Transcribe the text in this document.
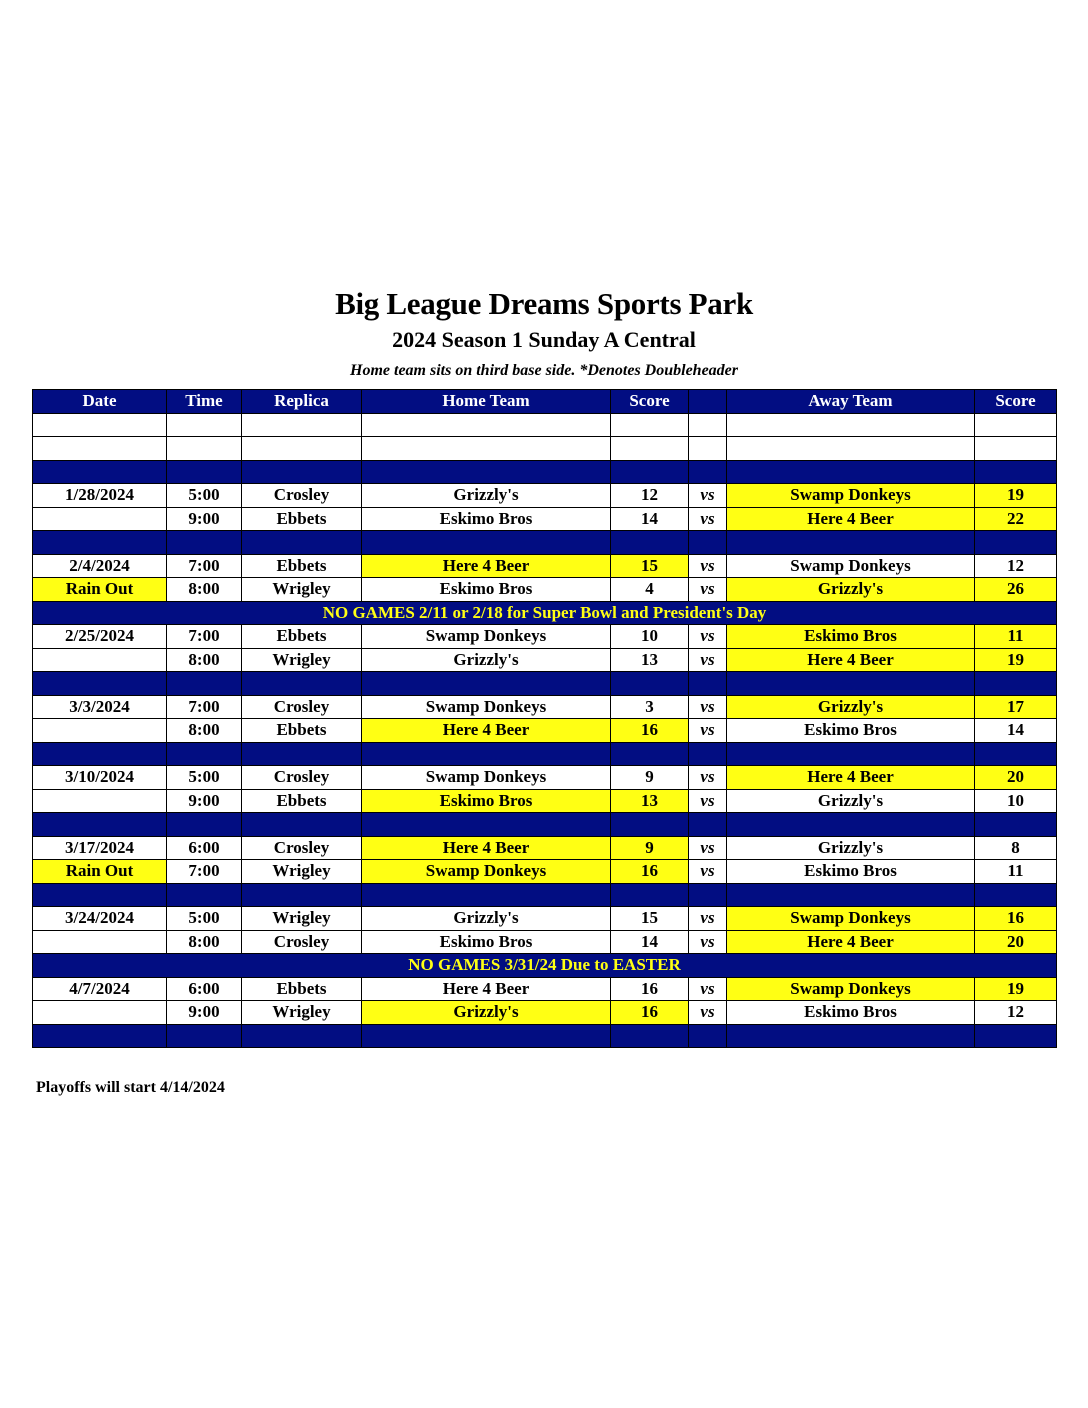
Big League Dreams Sports Park
2024 Season 1 Sunday A Central
Home team sits on third base side. *Denotes Doubleheader
Date	Time	Replica	Home Team	Score		Away Team	Score

1/28/2024	5:00	Crosley	Grizzly's	12	vs	Swamp Donkeys	19
	9:00	Ebbets	Eskimo Bros	14	vs	Here 4 Beer	22

2/4/2024	7:00	Ebbets	Here 4 Beer	15	vs	Swamp Donkeys	12
Rain Out	8:00	Wrigley	Eskimo Bros	4	vs	Grizzly's	26
NO GAMES 2/11 or 2/18 for Super Bowl and President's Day							
2/25/2024	7:00	Ebbets	Swamp Donkeys	10	vs	Eskimo Bros	11
	8:00	Wrigley	Grizzly's	13	vs	Here 4 Beer	19

3/3/2024	7:00	Crosley	Swamp Donkeys	3	vs	Grizzly's	17
	8:00	Ebbets	Here 4 Beer	16	vs	Eskimo Bros	14

3/10/2024	5:00	Crosley	Swamp Donkeys	9	vs	Here 4 Beer	20
	9:00	Ebbets	Eskimo Bros	13	vs	Grizzly's	10

3/17/2024	6:00	Crosley	Here 4 Beer	9	vs	Grizzly's	8
Rain Out	7:00	Wrigley	Swamp Donkeys	16	vs	Eskimo Bros	11

3/24/2024	5:00	Wrigley	Grizzly's	15	vs	Swamp Donkeys	16
	8:00	Crosley	Eskimo Bros	14	vs	Here 4 Beer	20
NO GAMES 3/31/24 Due to EASTER							
4/7/2024	6:00	Ebbets	Here 4 Beer	16	vs	Swamp Donkeys	19
	9:00	Wrigley	Grizzly's	16	vs	Eskimo Bros	12

Playoffs will start 4/14/2024
